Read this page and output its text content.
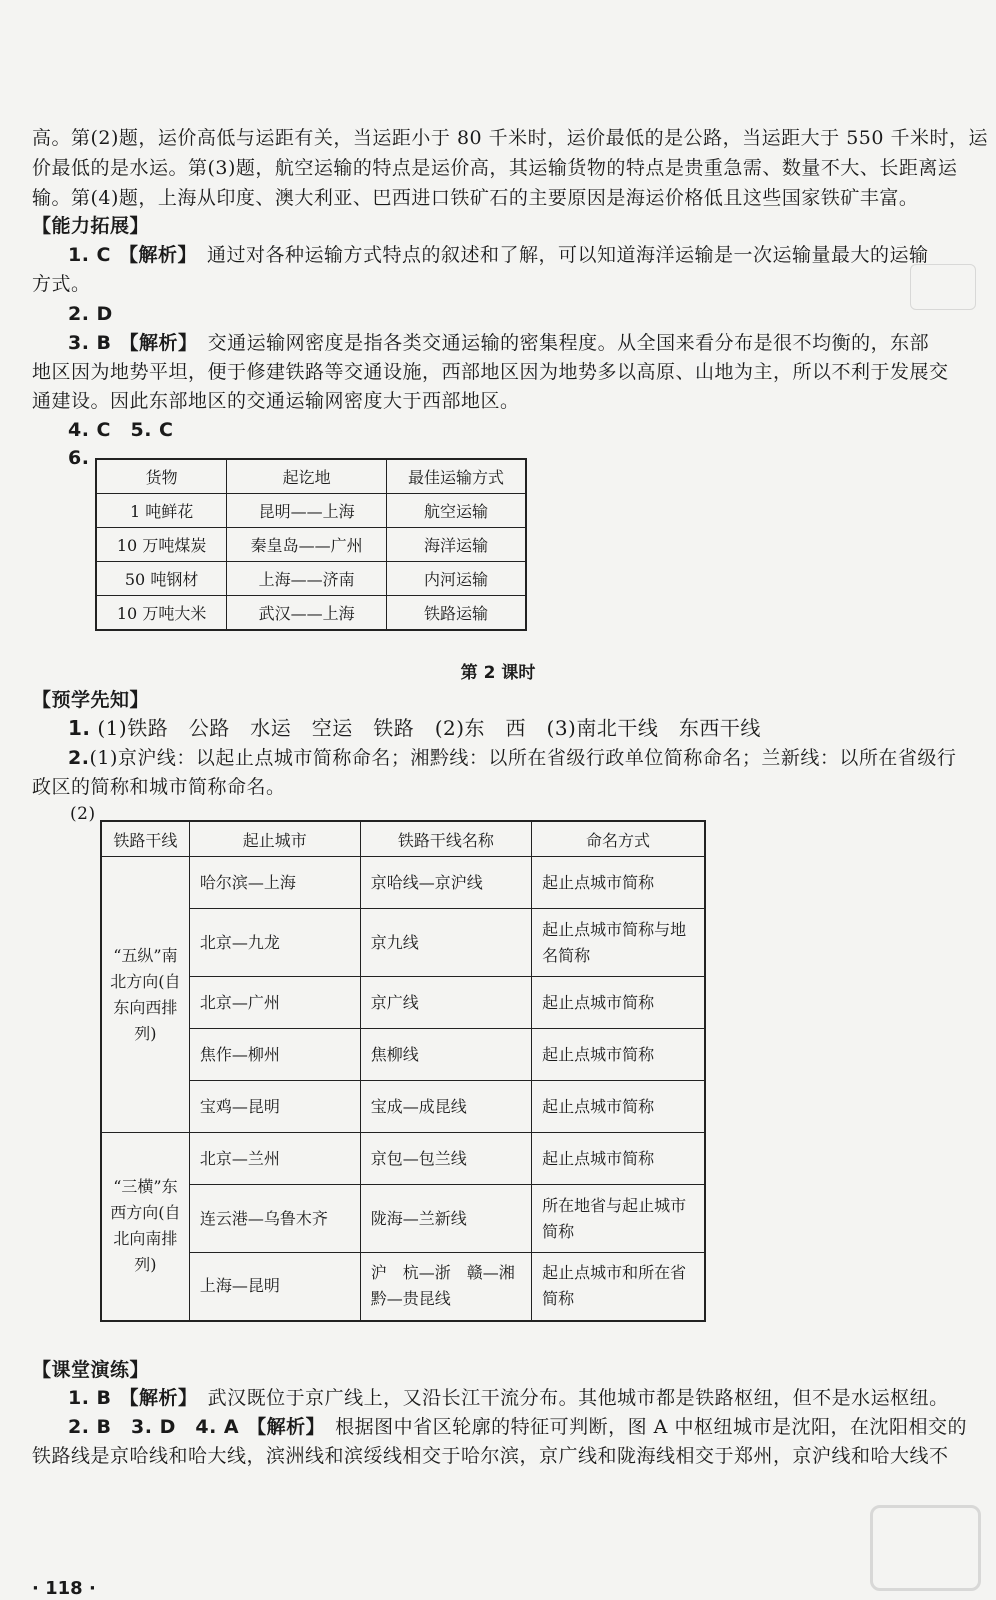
高。第(2)题，运价高低与运距有关，当运距小于 80 千米时，运价最低的是公路，当运距大于 550 千米时，运
价最低的是水运。第(3)题，航空运输的特点是运价高，其运输货物的特点是贵重急需、数量不大、长距离运
输。第(4)题，上海从印度、澳大利亚、巴西进口铁矿石的主要原因是海运价格低且这些国家铁矿丰富。
【能力拓展】
1. C 【解析】 通过对各种运输方式特点的叙述和了解，可以知道海洋运输是一次运输量最大的运输
方式。
2. D
3. B 【解析】 交通运输网密度是指各类交通运输的密集程度。从全国来看分布是很不均衡的，东部
地区因为地势平坦，便于修建铁路等交通设施，西部地区因为地势多以高原、山地为主，所以不利于发展交
通建设。因此东部地区的交通运输网密度大于西部地区。
4. C　5. C
6.
货物	起讫地	最佳运输方式
1 吨鲜花	昆明——上海	航空运输
10 万吨煤炭	秦皇岛——广州	海洋运输
50 吨钢材	上海——济南	内河运输
10 万吨大米	武汉——上海	铁路运输
第 2 课时
【预学先知】
1. (1)铁路　公路　水运　空运　铁路　(2)东　西　(3)南北干线　东西干线
2.(1)京沪线：以起止点城市简称命名；湘黔线：以所在省级行政单位简称命名；兰新线：以所在省级行
政区的简称和城市简称命名。
(2)
铁路干线	起止城市	铁路干线名称	命名方式
“五纵”南北方向(自东向西排列)	哈尔滨—上海	京哈线—京沪线	起止点城市简称
	北京—九龙	京九线	起止点城市简称与地名简称
	北京—广州	京广线	起止点城市简称
	焦作—柳州	焦柳线	起止点城市简称
	宝鸡—昆明	宝成—成昆线	起止点城市简称
“三横”东西方向(自北向南排列)	北京—兰州	京包—包兰线	起止点城市简称
	连云港—乌鲁木齐	陇海—兰新线	所在地省与起止城市简称
	上海—昆明	沪　杭—浙　赣—湘黔—贵昆线	起止点城市和所在省简称
【课堂演练】
1. B 【解析】 武汉既位于京广线上，又沿长江干流分布。其他城市都是铁路枢纽，但不是水运枢纽。
2. B　3. D　4. A 【解析】 根据图中省区轮廓的特征可判断，图 A 中枢纽城市是沈阳，在沈阳相交的
铁路线是京哈线和哈大线，滨洲线和滨绥线相交于哈尔滨，京广线和陇海线相交于郑州，京沪线和哈大线不
· 118 ·
